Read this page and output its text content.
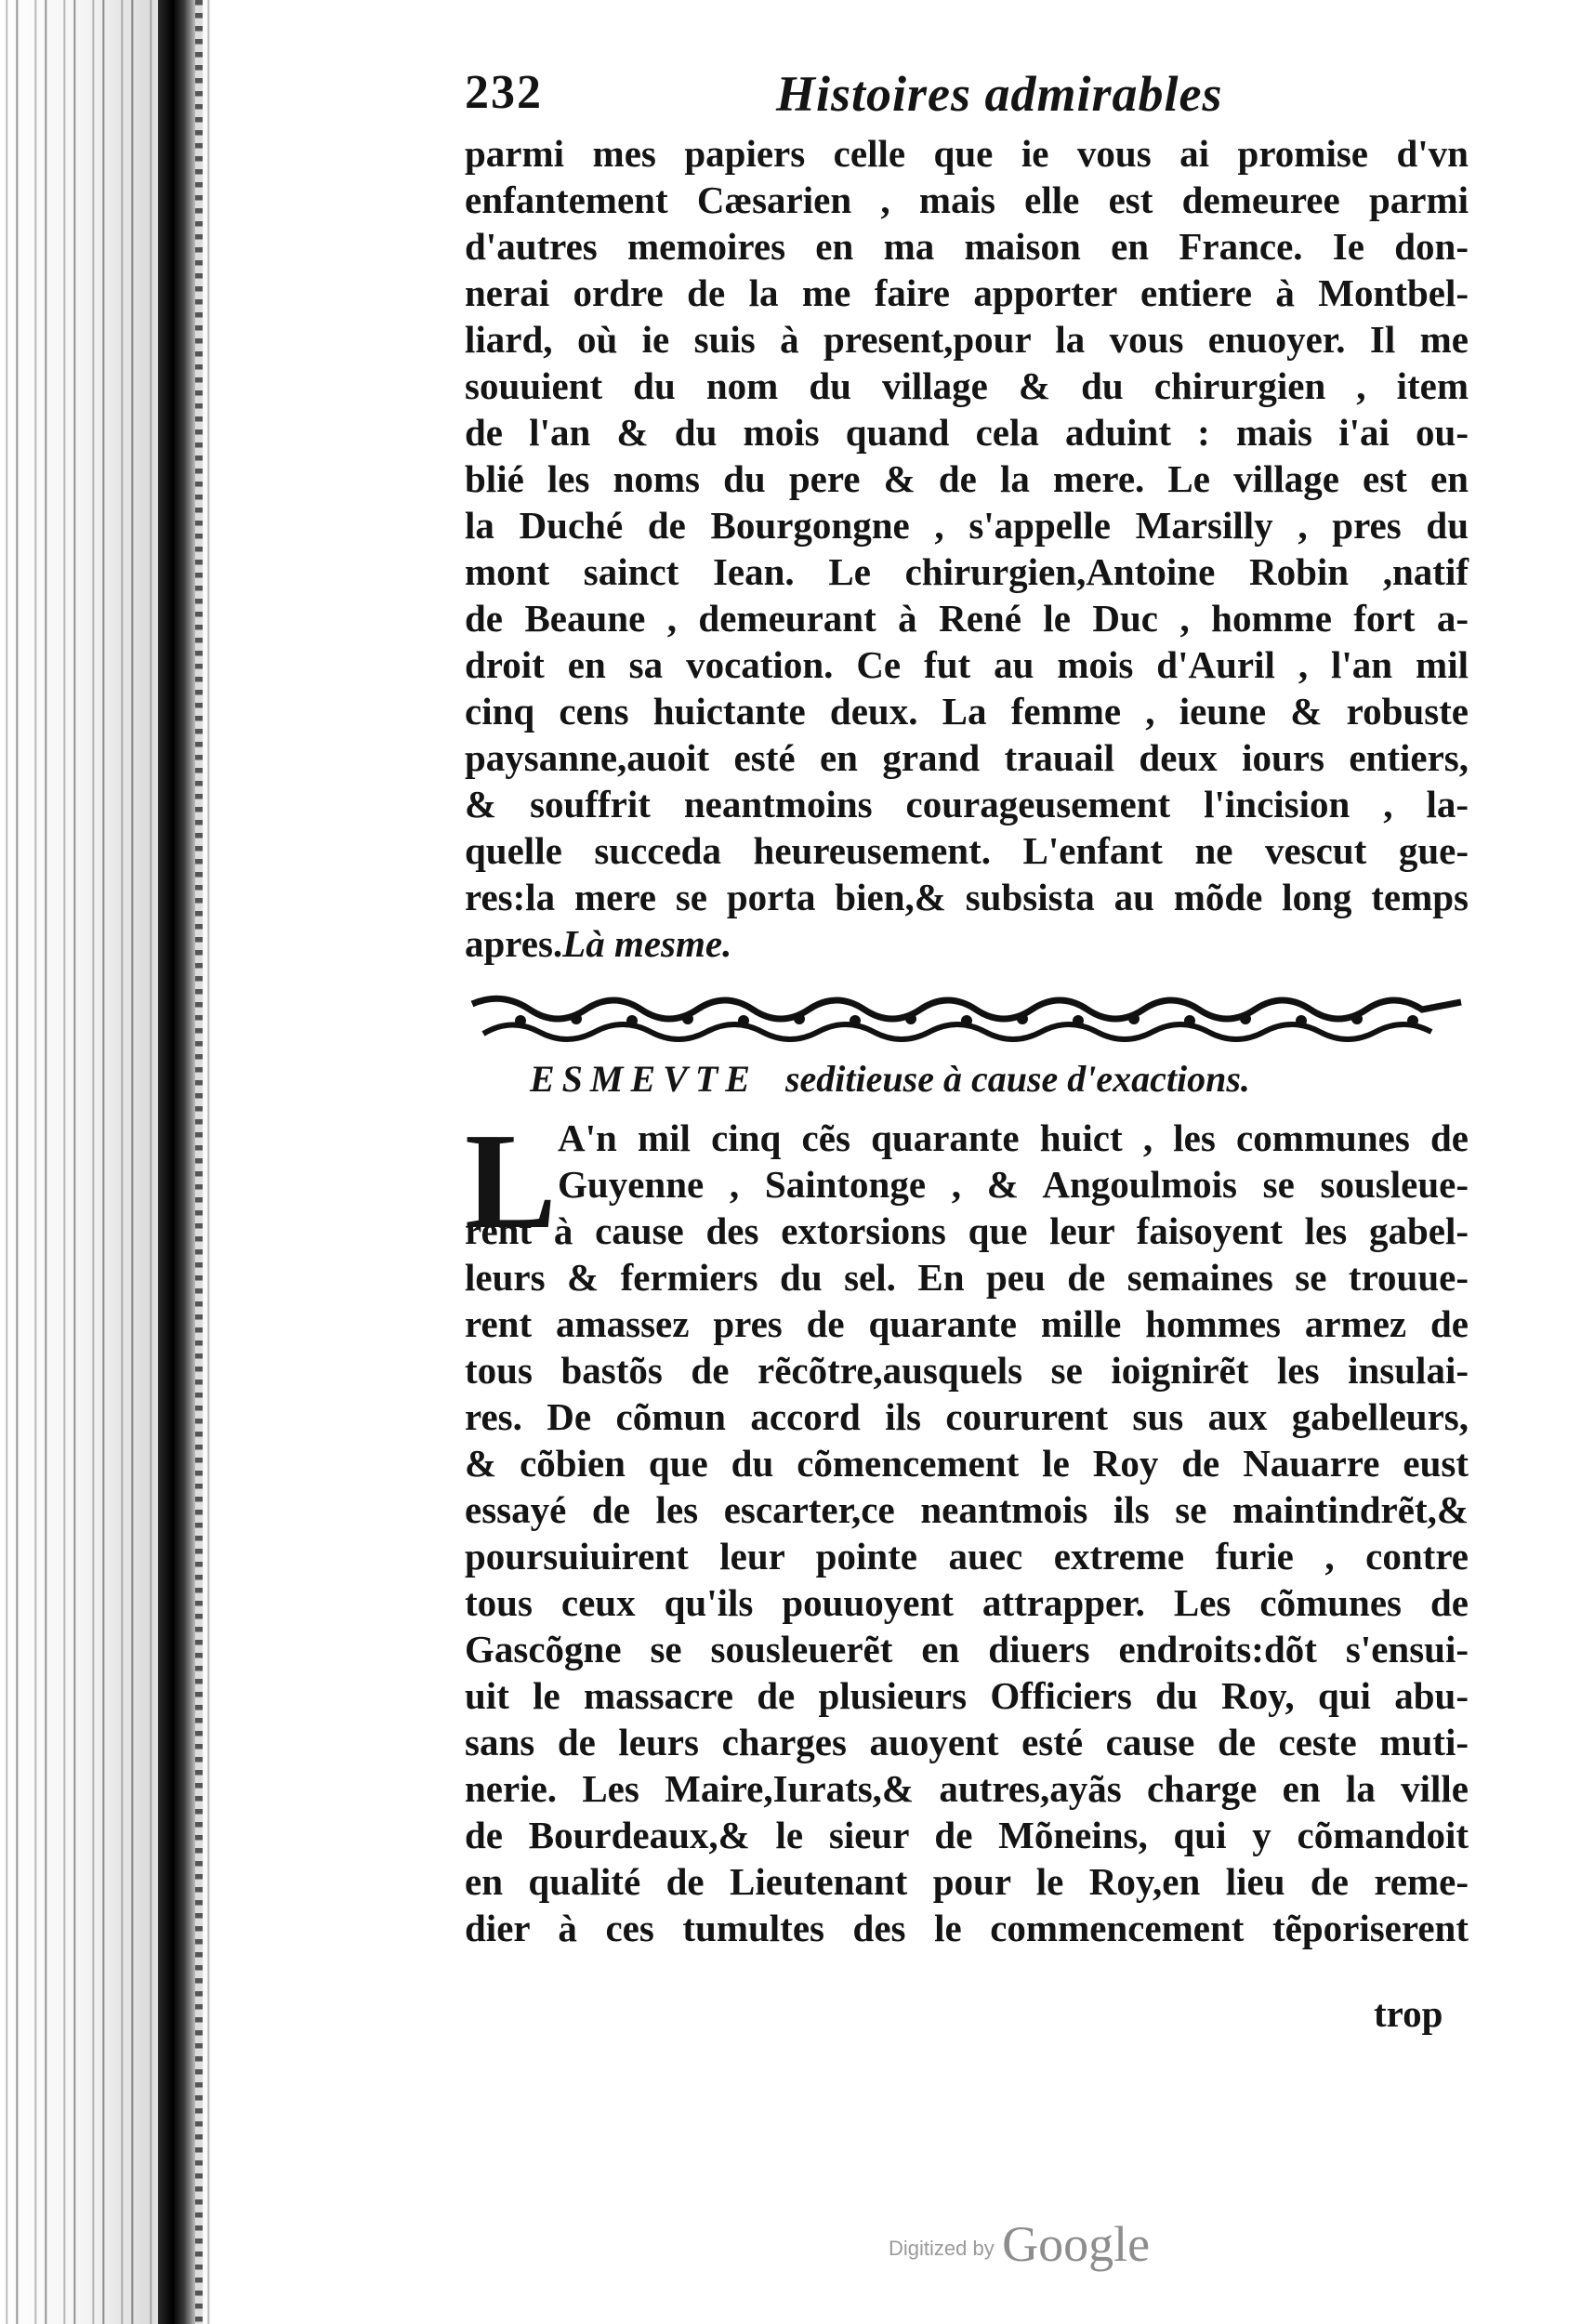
232	Histoires admirables
parmi mes papiers celle que ie vous ai promise d'vn
enfantement Cæsarien , mais elle est demeuree parmi
d'autres memoires en ma maison en France. Ie don-
nerai ordre de la me faire apporter entiere à Montbel-
liard, où ie suis à present,pour la vous enuoyer. Il me
souuient du nom du village & du chirurgien , item
de l'an & du mois quand cela aduint : mais i'ai ou-
blié les noms du pere & de la mere. Le village est en
la Duché de Bourgongne , s'appelle Marsilly , pres du
mont sainct Iean. Le chirurgien,Antoine Robin ,natif
de Beaune , demeurant à René le Duc , homme fort a-
droit en sa vocation. Ce fut au mois d'Auril , l'an mil
cinq cens huictante deux. La femme , ieune & robuste
paysanne,auoit esté en grand trauail deux iours entiers,
& souffrit neantmoins courageusement l'incision , la-
quelle succeda heureusement. L'enfant ne vescut gue-
res:la mere se porta bien,& subsista au mõde long temps
apres.Là mesme.
ESMEVTE seditieuse à cause d'exactions.
L A'n mil cinq cẽs quarante huict , les communes de
Guyenne , Saintonge , & Angoulmois se sousleue-
rent à cause des extorsions que leur faisoyent les gabel-
leurs & fermiers du sel. En peu de semaines se trouue-
rent amassez pres de quarante mille hommes armez de
tous bastõs de rẽcõtre,ausquels se ioignirẽt les insulai-
res. De cõmun accord ils coururent sus aux gabelleurs,
& cõbien que du cõmencement le Roy de Nauarre eust
essayé de les escarter,ce neantmois ils se maintindrẽt,&
poursuiuirent leur pointe auec extreme furie , contre
tous ceux qu'ils pouuoyent attrapper. Les cõmunes de
Gascõgne se sousleuerẽt en diuers endroits:dõt s'ensui-
uit le massacre de plusieurs Officiers du Roy, qui abu-
sans de leurs charges auoyent esté cause de ceste muti-
nerie. Les Maire,Iurats,& autres,ayãs charge en la ville
de Bourdeaux,& le sieur de Mõneins, qui y cõmandoit
en qualité de Lieutenant pour le Roy,en lieu de reme-
dier à ces tumultes des le commencement tẽporiserent
trop
Digitized by Google
